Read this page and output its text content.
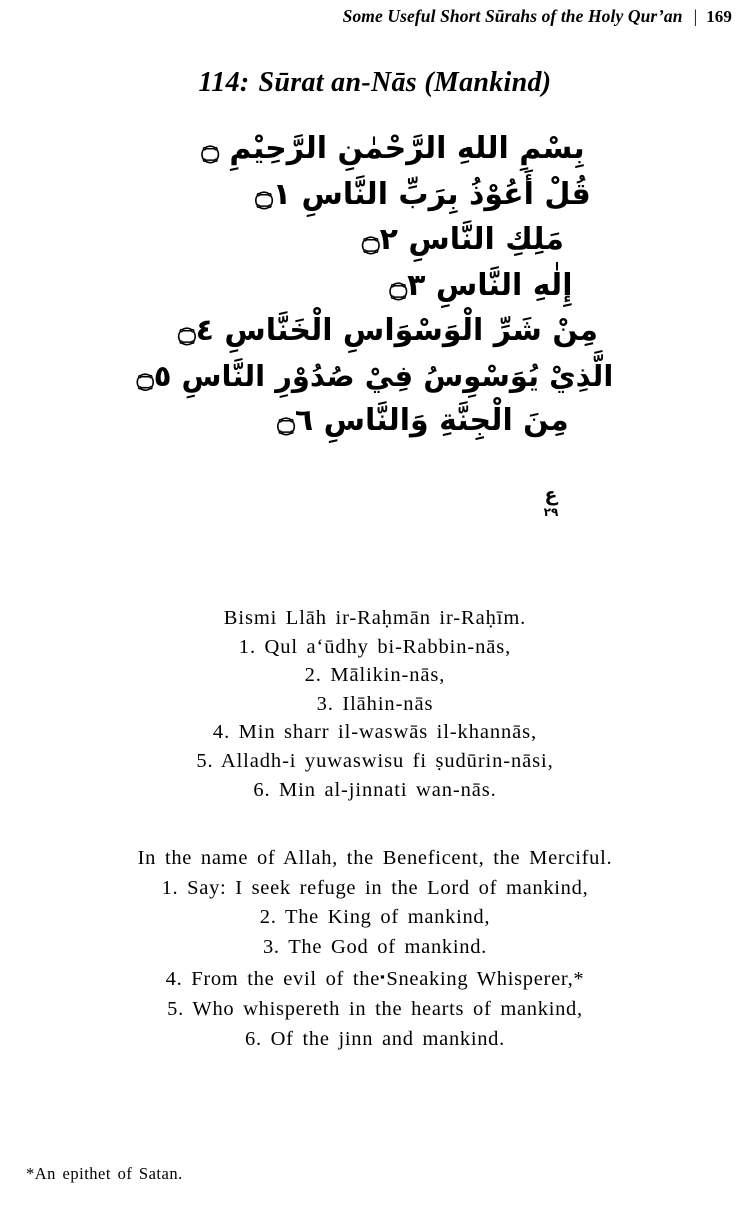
Some Useful Short Sūrahs of the Holy Qur’an | 169
114: Sūrat an-Nās (Mankind)
بِسْمِ اللهِ الرَّحْمٰنِ الرَّحِيْمِ ۝
قُلْ أَعُوْذُ بِرَبِّ النَّاسِ ۝١
مَلِكِ النَّاسِ ۝٢
إِلٰهِ النَّاسِ ۝٣
مِنْ شَرِّ الْوَسْوَاسِ الْخَنَّاسِ ۝٤
الَّذِيْ يُوَسْوِسُ فِيْ صُدُوْرِ النَّاسِ ۝٥
مِنَ الْجِنَّةِ وَالنَّاسِ ۝٦
ع
٢٩
Bismi Llāh ir-Raḥmān ir-Raḥīm.
1. Qul a‘ūdhy bi-Rabbin-nās,
2. Mālikin-nās,
3. Ilāhin-nās
4. Min sharr il-waswās il-khannās,
5. Alladh-i yuwaswisu fi ṣudūrin-nāsi,
6. Min al-jinnati wan-nās.
In the name of Allah, the Beneficent, the Merciful.
1. Say: I seek refuge in the Lord of mankind,
2. The King of mankind,
3. The God of mankind.
4. From the evil of the▪Sneaking Whisperer,*
5. Who whispereth in the hearts of mankind,
6. Of the jinn and mankind.
*An epithet of Satan.
